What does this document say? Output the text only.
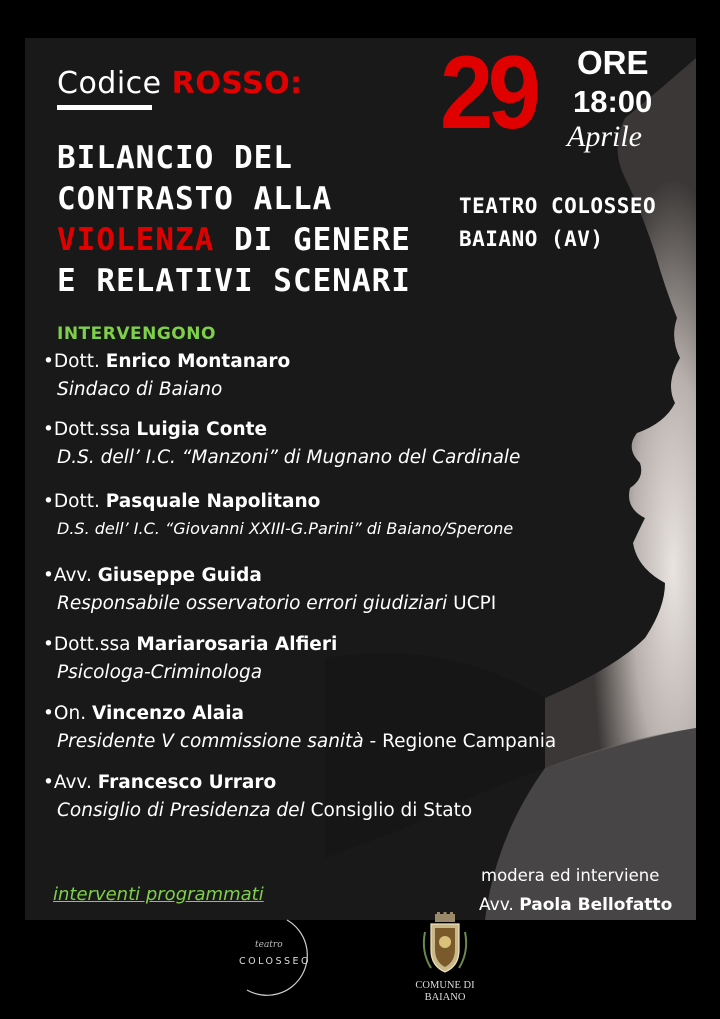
Codice ROSSO:
BILANCIO DEL
CONTRASTO ALLA
VIOLENZA DI GENERE
E RELATIVI SCENARI
29 ORE
18:00
Aprile
TEATRO COLOSSEO
BAIANO (AV)
INTERVENGONO
•Dott. Enrico Montanaro
Sindaco di Baiano
•Dott.ssa Luigia Conte
D.S. dell’ I.C. “Manzoni” di Mugnano del Cardinale
•Dott. Pasquale Napolitano
D.S. dell’ I.C. “Giovanni XXIII-G.Parini” di Baiano/Sperone
•Avv. Giuseppe Guida
Responsabile osservatorio errori giudiziari UCPI
•Dott.ssa Mariarosaria Alfieri
Psicologa-Criminologa
•On. Vincenzo Alaia
Presidente V commissione sanità - Regione Campania
•Avv. Francesco Urraro
Consiglio di Presidenza del Consiglio di Stato
interventi programmati
modera ed interviene
Avv. Paola Bellofatto
teatro
COLOSSEO
COMUNE DI
BAIANO
